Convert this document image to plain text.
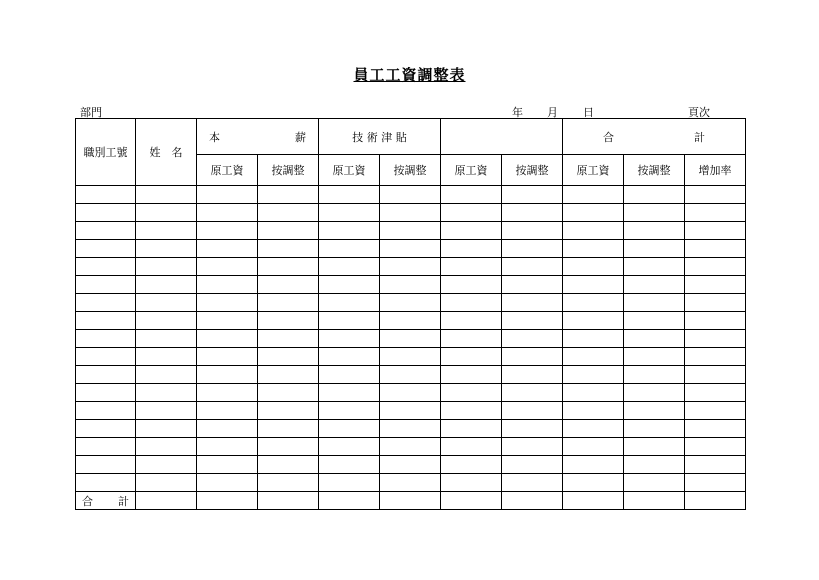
員工工資調整表
部門	年 月 日	頁次
職別工號	姓　名	本 薪		技 術 津 貼				合 計		

		原工資	按調整	原工資	按調整	原工資	按調整	原工資	按調整	增加率

合 計										
